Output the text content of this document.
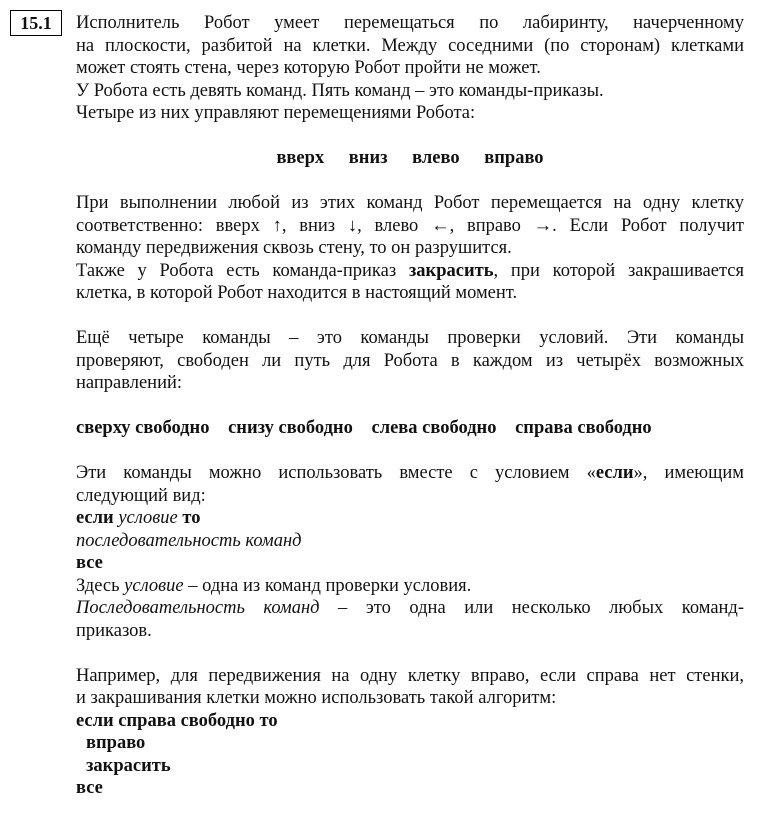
15.1	Исполнитель Робот умеет перемещаться по лабиринту, начерченному

на плоскости, разбитой на клетки. Между соседними (по сторонам) клетками

может стоять стена, через которую Робот пройти не может.

У Робота есть девять команд. Пять команд – это команды-приказы.

Четыре из них управляют перемещениями Робота:

вверх вниз влево вправо

При выполнении любой из этих команд Робот перемещается на одну клетку

соответственно: вверх ↑, вниз ↓, влево ←, вправо →. Если Робот получит

команду передвижения сквозь стену, то он разрушится.

Также у Робота есть команда-приказ закрасить, при которой закрашивается

клетка, в которой Робот находится в настоящий момент.

Ещё четыре команды – это команды проверки условий. Эти команды

проверяют, свободен ли путь для Робота в каждом из четырёх возможных

направлений:

сверху свободно снизу свободно слева свободно справа свободно

Эти команды можно использовать вместе с условием «если», имеющим

следующий вид:

если условие то

последовательность команд

все

Здесь условие – одна из команд проверки условия.

Последовательность команд – это одна или несколько любых команд-

приказов.

Например, для передвижения на одну клетку вправо, если справа нет стенки,

и закрашивания клетки можно использовать такой алгоритм:

если справа свободно то

вправо

закрасить

все
